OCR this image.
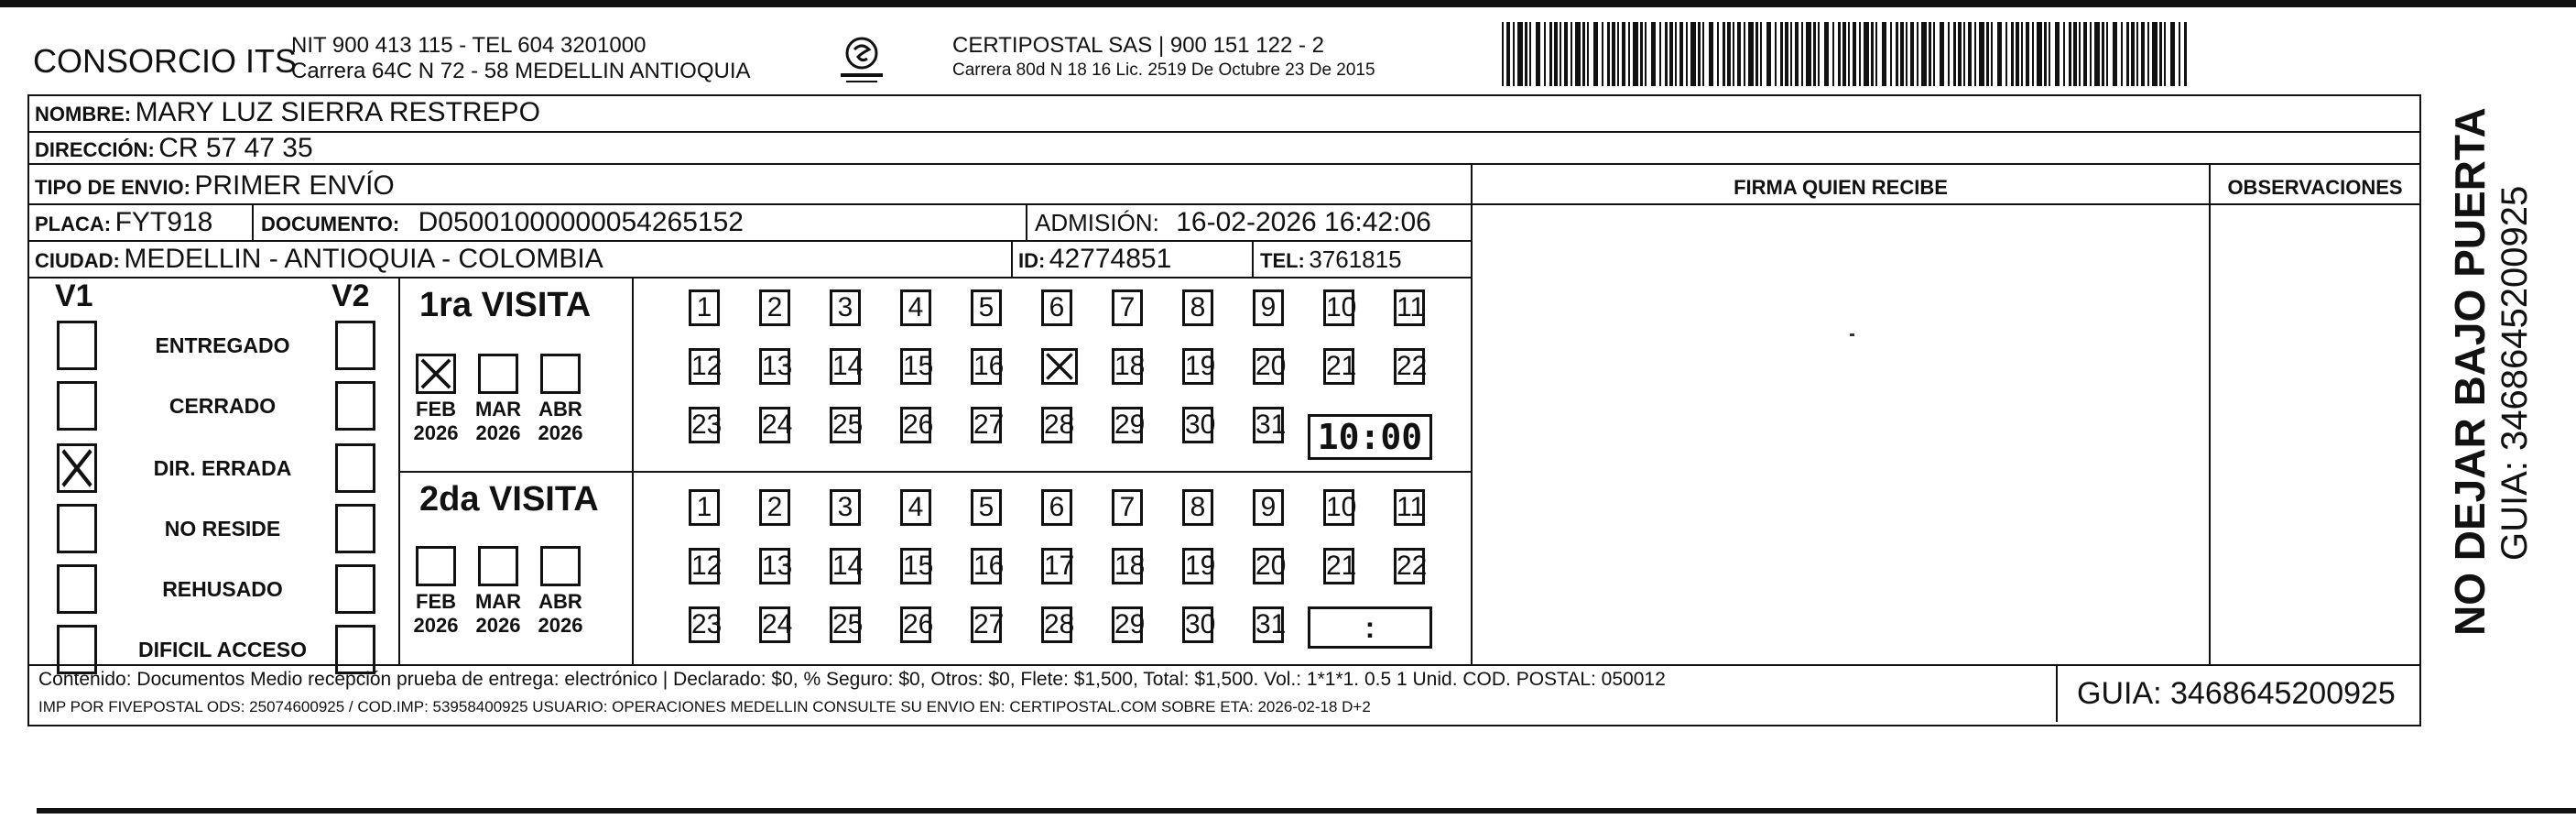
CONSORCIO ITS
NIT 900 413 115 - TEL 604 3201000
Carrera 64C N 72 - 58 MEDELLIN ANTIOQUIA
CERTIPOSTAL SAS | 900 151 122 - 2
Carrera 80d N 18 16 Lic. 2519 De Octubre 23 De 2015
NOMBRE: MARY LUZ SIERRA RESTREPO
DIRECCIÓN: CR 57 47 35
TIPO DE ENVIO: PRIMER ENVÍO
PLACA: FYT918 DOCUMENTO: D05001000000054265152	ADMISIÓN: 16-02-2026 16:42:06
CIUDAD: MEDELLIN - ANTIOQUIA - COLOMBIA	ID: 42774851	TEL: 3761815
FIRMA QUIEN RECIBE	OBSERVACIONES
V1	V2
ENTREGADO
CERRADO
DIR. ERRADA
NO RESIDE
REHUSADO
DIFICIL ACCESO
1ra VISITA
2da VISITA
FEB
2026
MAR
2026
ABR
2026
FEB
2026
MAR
2026
ABR
2026
1 2 3 4 5 6 7 8 9 10 11
12 13 14 15 16	18 19 20 21 22
23 24 25 26 27 28 29 30 31
1 2 3 4 5 6 7 8 9 10 11
12 13 14 15 16 17 18 19 20 21 22
23 24 25 26 27 28 29 30 31
10:00
:
Contenido: Documentos Medio recepción prueba de entrega: electrónico | Declarado: $0, % Seguro: $0, Otros: $0, Flete: $1,500, Total: $1,500. Vol.: 1*1*1. 0.5 1 Unid. COD. POSTAL: 050012
IMP POR FIVEPOSTAL ODS: 25074600925 / COD.IMP: 53958400925 USUARIO: OPERACIONES MEDELLIN CONSULTE SU ENVIO EN: CERTIPOSTAL.COM SOBRE ETA: 2026-02-18 D+2	GUIA: 3468645200925
NO DEJAR BAJO PUERTA GUIA: 3468645200925
